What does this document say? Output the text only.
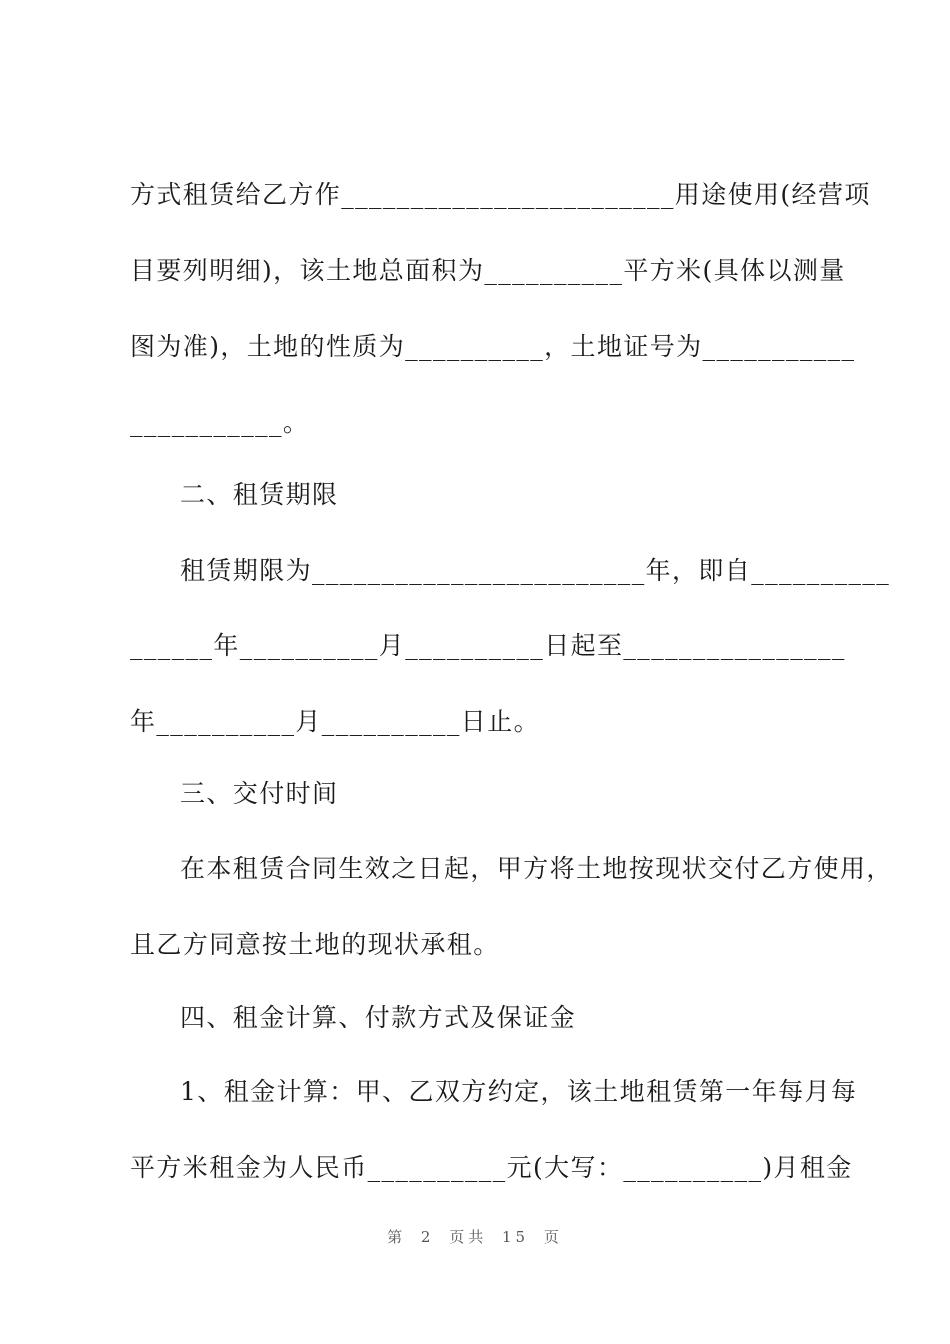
方式租赁给乙方作________________________用途使用(经营项
目要列明细)，该土地总面积为__________平方米(具体以测量
图为准)，土地的性质为__________，土地证号为___________
___________。
二、租赁期限
租赁期限为________________________年，即自__________
______年__________月__________日起至________________
年__________月__________日止。
三、交付时间
在本租赁合同生效之日起，甲方将土地按现状交付乙方使用，
且乙方同意按土地的现状承租。
四、租金计算、付款方式及保证金
1、租金计算：甲、乙双方约定，该土地租赁第一年每月每
平方米租金为人民币__________元(大写：__________)月租金
第 2 页共 15 页
